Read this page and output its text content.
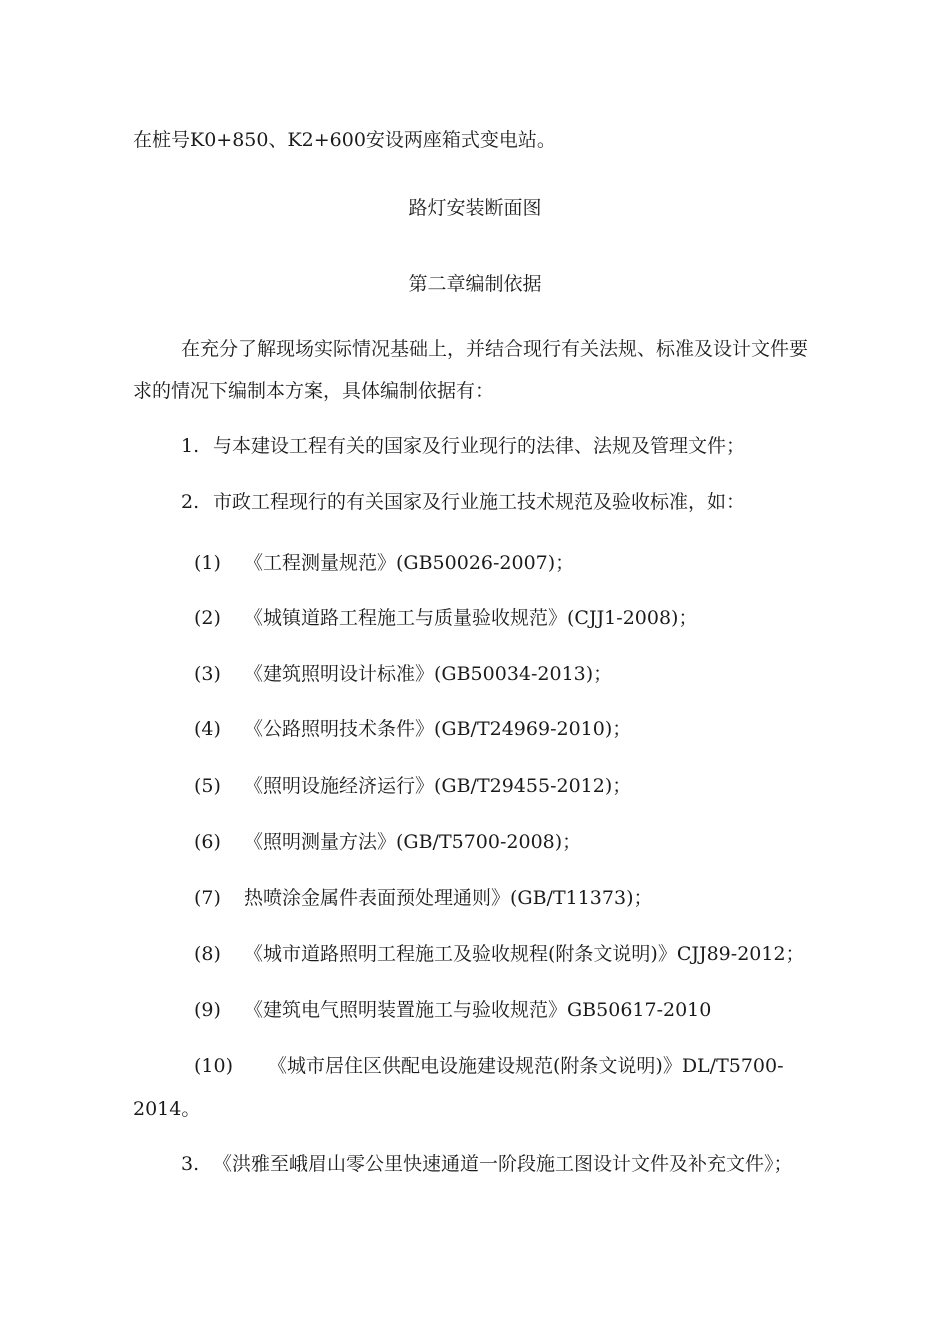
在桩号K0+850、K2+600安设两座箱式变电站。
路灯安装断面图
第二章编制依据
在充分了解现场实际情况基础上，并结合现行有关法规、标准及设计文件要
求的情况下编制本方案，具体编制依据有：
1. 与本建设工程有关的国家及行业现行的法律、法规及管理文件；
2. 市政工程现行的有关国家及行业施工技术规范及验收标准，如：
(1) 《工程测量规范》(GB50026-2007)；
(2) 《城镇道路工程施工与质量验收规范》(CJJ1-2008)；
(3) 《建筑照明设计标准》(GB50034-2013)；
(4) 《公路照明技术条件》(GB/T24969-2010)；
(5) 《照明设施经济运行》(GB/T29455-2012)；
(6) 《照明测量方法》(GB/T5700-2008)；
(7) 热喷涂金属件表面预处理通则》(GB/T11373)；
(8) 《城市道路照明工程施工及验收规程(附条文说明)》CJJ89-2012；
(9) 《建筑电气照明装置施工与验收规范》GB50617-2010
(10) 《城市居住区供配电设施建设规范(附条文说明)》DL/T5700-
2014。
3. 《洪雅至峨眉山零公里快速通道一阶段施工图设计文件及补充文件》；
